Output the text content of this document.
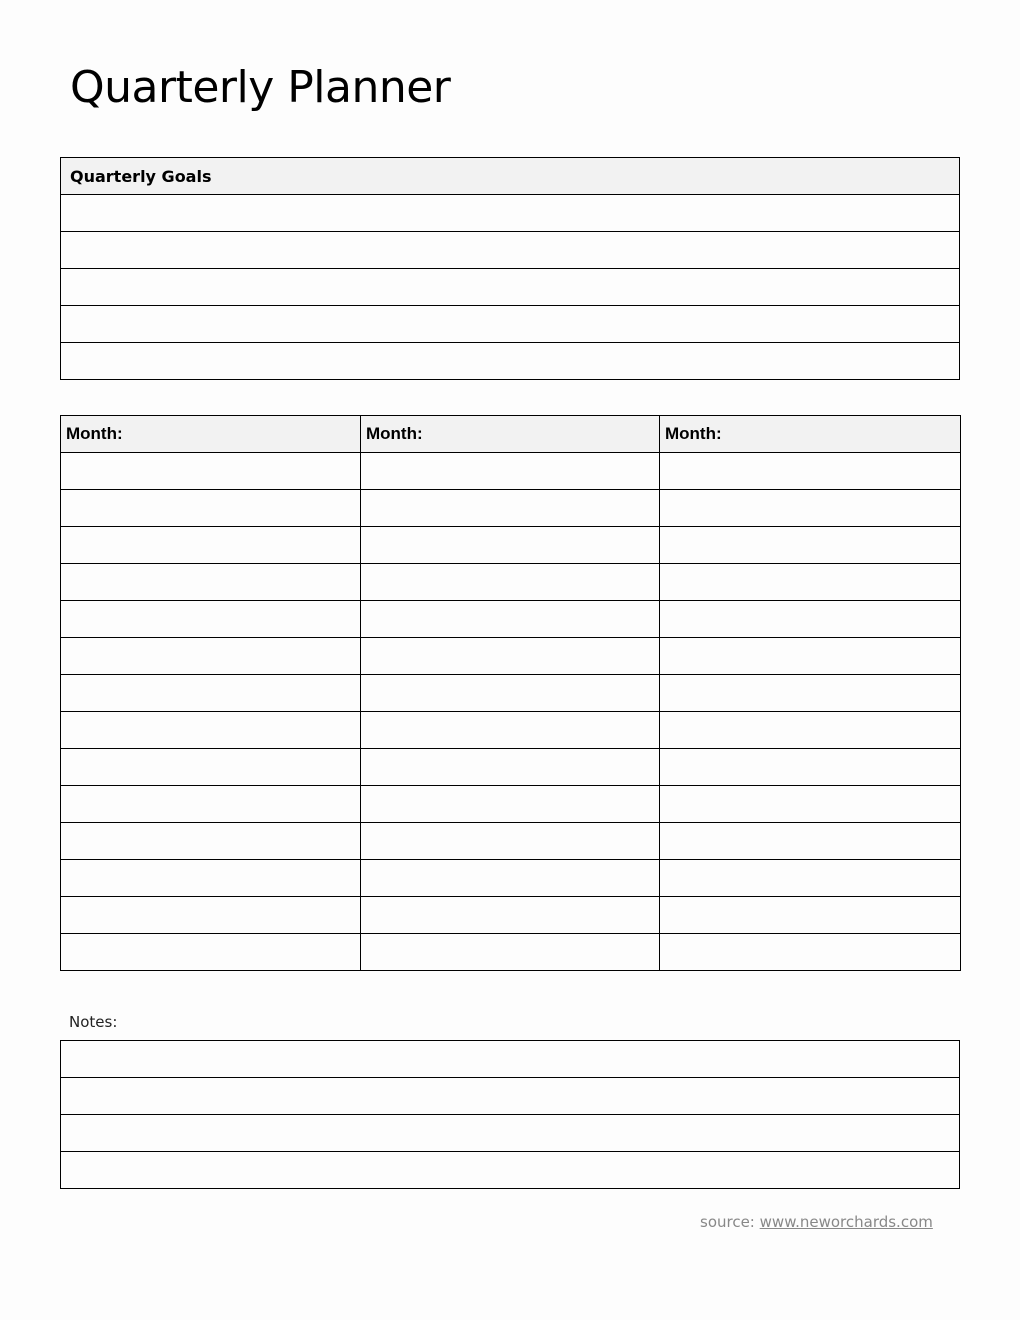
Quarterly Planner
Quarterly Goals

Month:	Month:	Month:

Notes:

source: www.neworchards.com
